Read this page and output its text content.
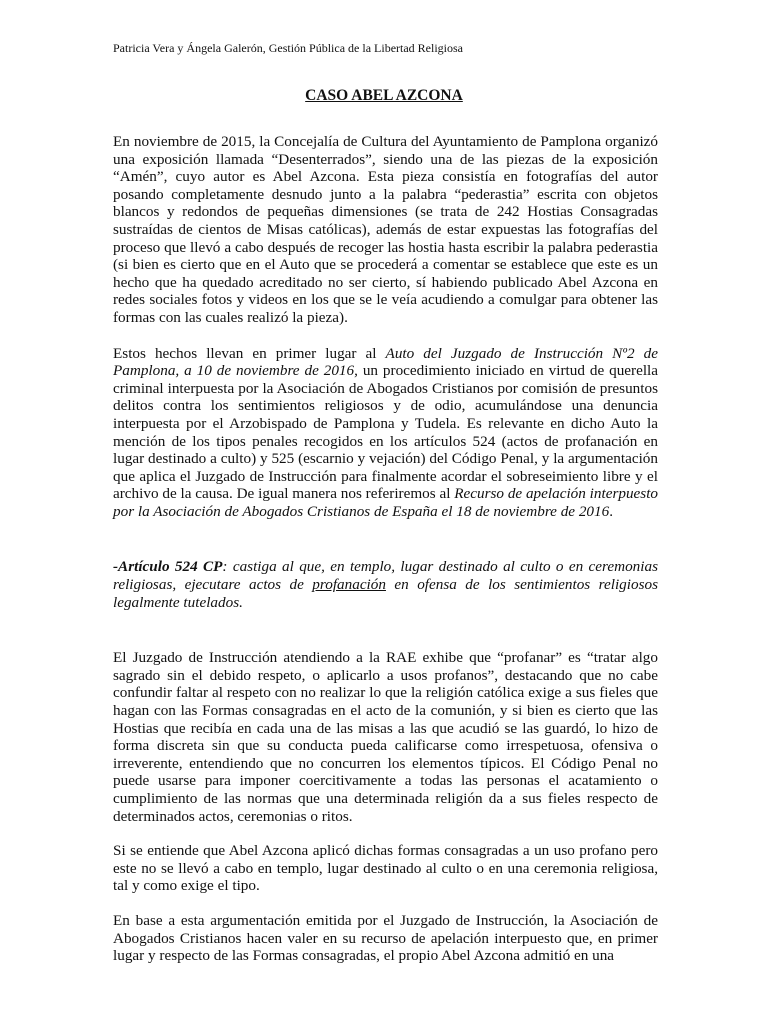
Patricia Vera y Ángela Galerón, Gestión Pública de la Libertad Religiosa
CASO ABEL AZCONA

En noviembre de 2015, la Concejalía de Cultura del Ayuntamiento de Pamplona organizó una exposición llamada “Desenterrados”, siendo una de las piezas de la exposición “Amén”, cuyo autor es Abel Azcona. Esta pieza consistía en fotografías del autor posando completamente desnudo junto a la palabra “pederastia” escrita con objetos blancos y redondos de pequeñas dimensiones (se trata de 242 Hostias Consagradas sustraídas de cientos de Misas católicas), además de estar expuestas las fotografías del proceso que llevó a cabo después de recoger las hostia hasta escribir la palabra pederastia (si bien es cierto que en el Auto que se procederá a comentar se establece que este es un hecho que ha quedado acreditado no ser cierto, sí habiendo publicado Abel Azcona en redes sociales fotos y videos en los que se le veía acudiendo a comulgar para obtener las formas con las cuales realizó la pieza).

Estos hechos llevan en primer lugar al Auto del Juzgado de Instrucción Nº2 de Pamplona, a 10 de noviembre de 2016, un procedimiento iniciado en virtud de querella criminal interpuesta por la Asociación de Abogados Cristianos por comisión de presuntos delitos contra los sentimientos religiosos y de odio, acumulándose una denuncia interpuesta por el Arzobispado de Pamplona y Tudela. Es relevante en dicho Auto la mención de los tipos penales recogidos en los artículos 524 (actos de profanación en lugar destinado a culto) y 525 (escarnio y vejación) del Código Penal, y la argumentación que aplica el Juzgado de Instrucción para finalmente acordar el sobreseimiento libre y el archivo de la causa. De igual manera nos referiremos al Recurso de apelación interpuesto por la Asociación de Abogados Cristianos de España el 18 de noviembre de 2016.

-Artículo 524 CP: castiga al que, en templo, lugar destinado al culto o en ceremonias religiosas, ejecutare actos de profanación en ofensa de los sentimientos religiosos legalmente tutelados.

El Juzgado de Instrucción atendiendo a la RAE exhibe que “profanar” es “tratar algo sagrado sin el debido respeto, o aplicarlo a usos profanos”, destacando que no cabe confundir faltar al respeto con no realizar lo que la religión católica exige a sus fieles que hagan con las Formas consagradas en el acto de la comunión, y si bien es cierto que las Hostias que recibía en cada una de las misas a las que acudió se las guardó, lo hizo de forma discreta sin que su conducta pueda calificarse como irrespetuosa, ofensiva o irreverente, entendiendo que no concurren los elementos típicos. El Código Penal no puede usarse para imponer coercitivamente a todas las personas el acatamiento o cumplimiento de las normas que una determinada religión da a sus fieles respecto de determinados actos, ceremonias o ritos.

Si se entiende que Abel Azcona aplicó dichas formas consagradas a un uso profano pero este no se llevó a cabo en templo, lugar destinado al culto o en una ceremonia religiosa, tal y como exige el tipo.

En base a esta argumentación emitida por el Juzgado de Instrucción, la Asociación de Abogados Cristianos hacen valer en su recurso de apelación interpuesto que, en primer lugar y respecto de las Formas consagradas, el propio Abel Azcona admitió en una
